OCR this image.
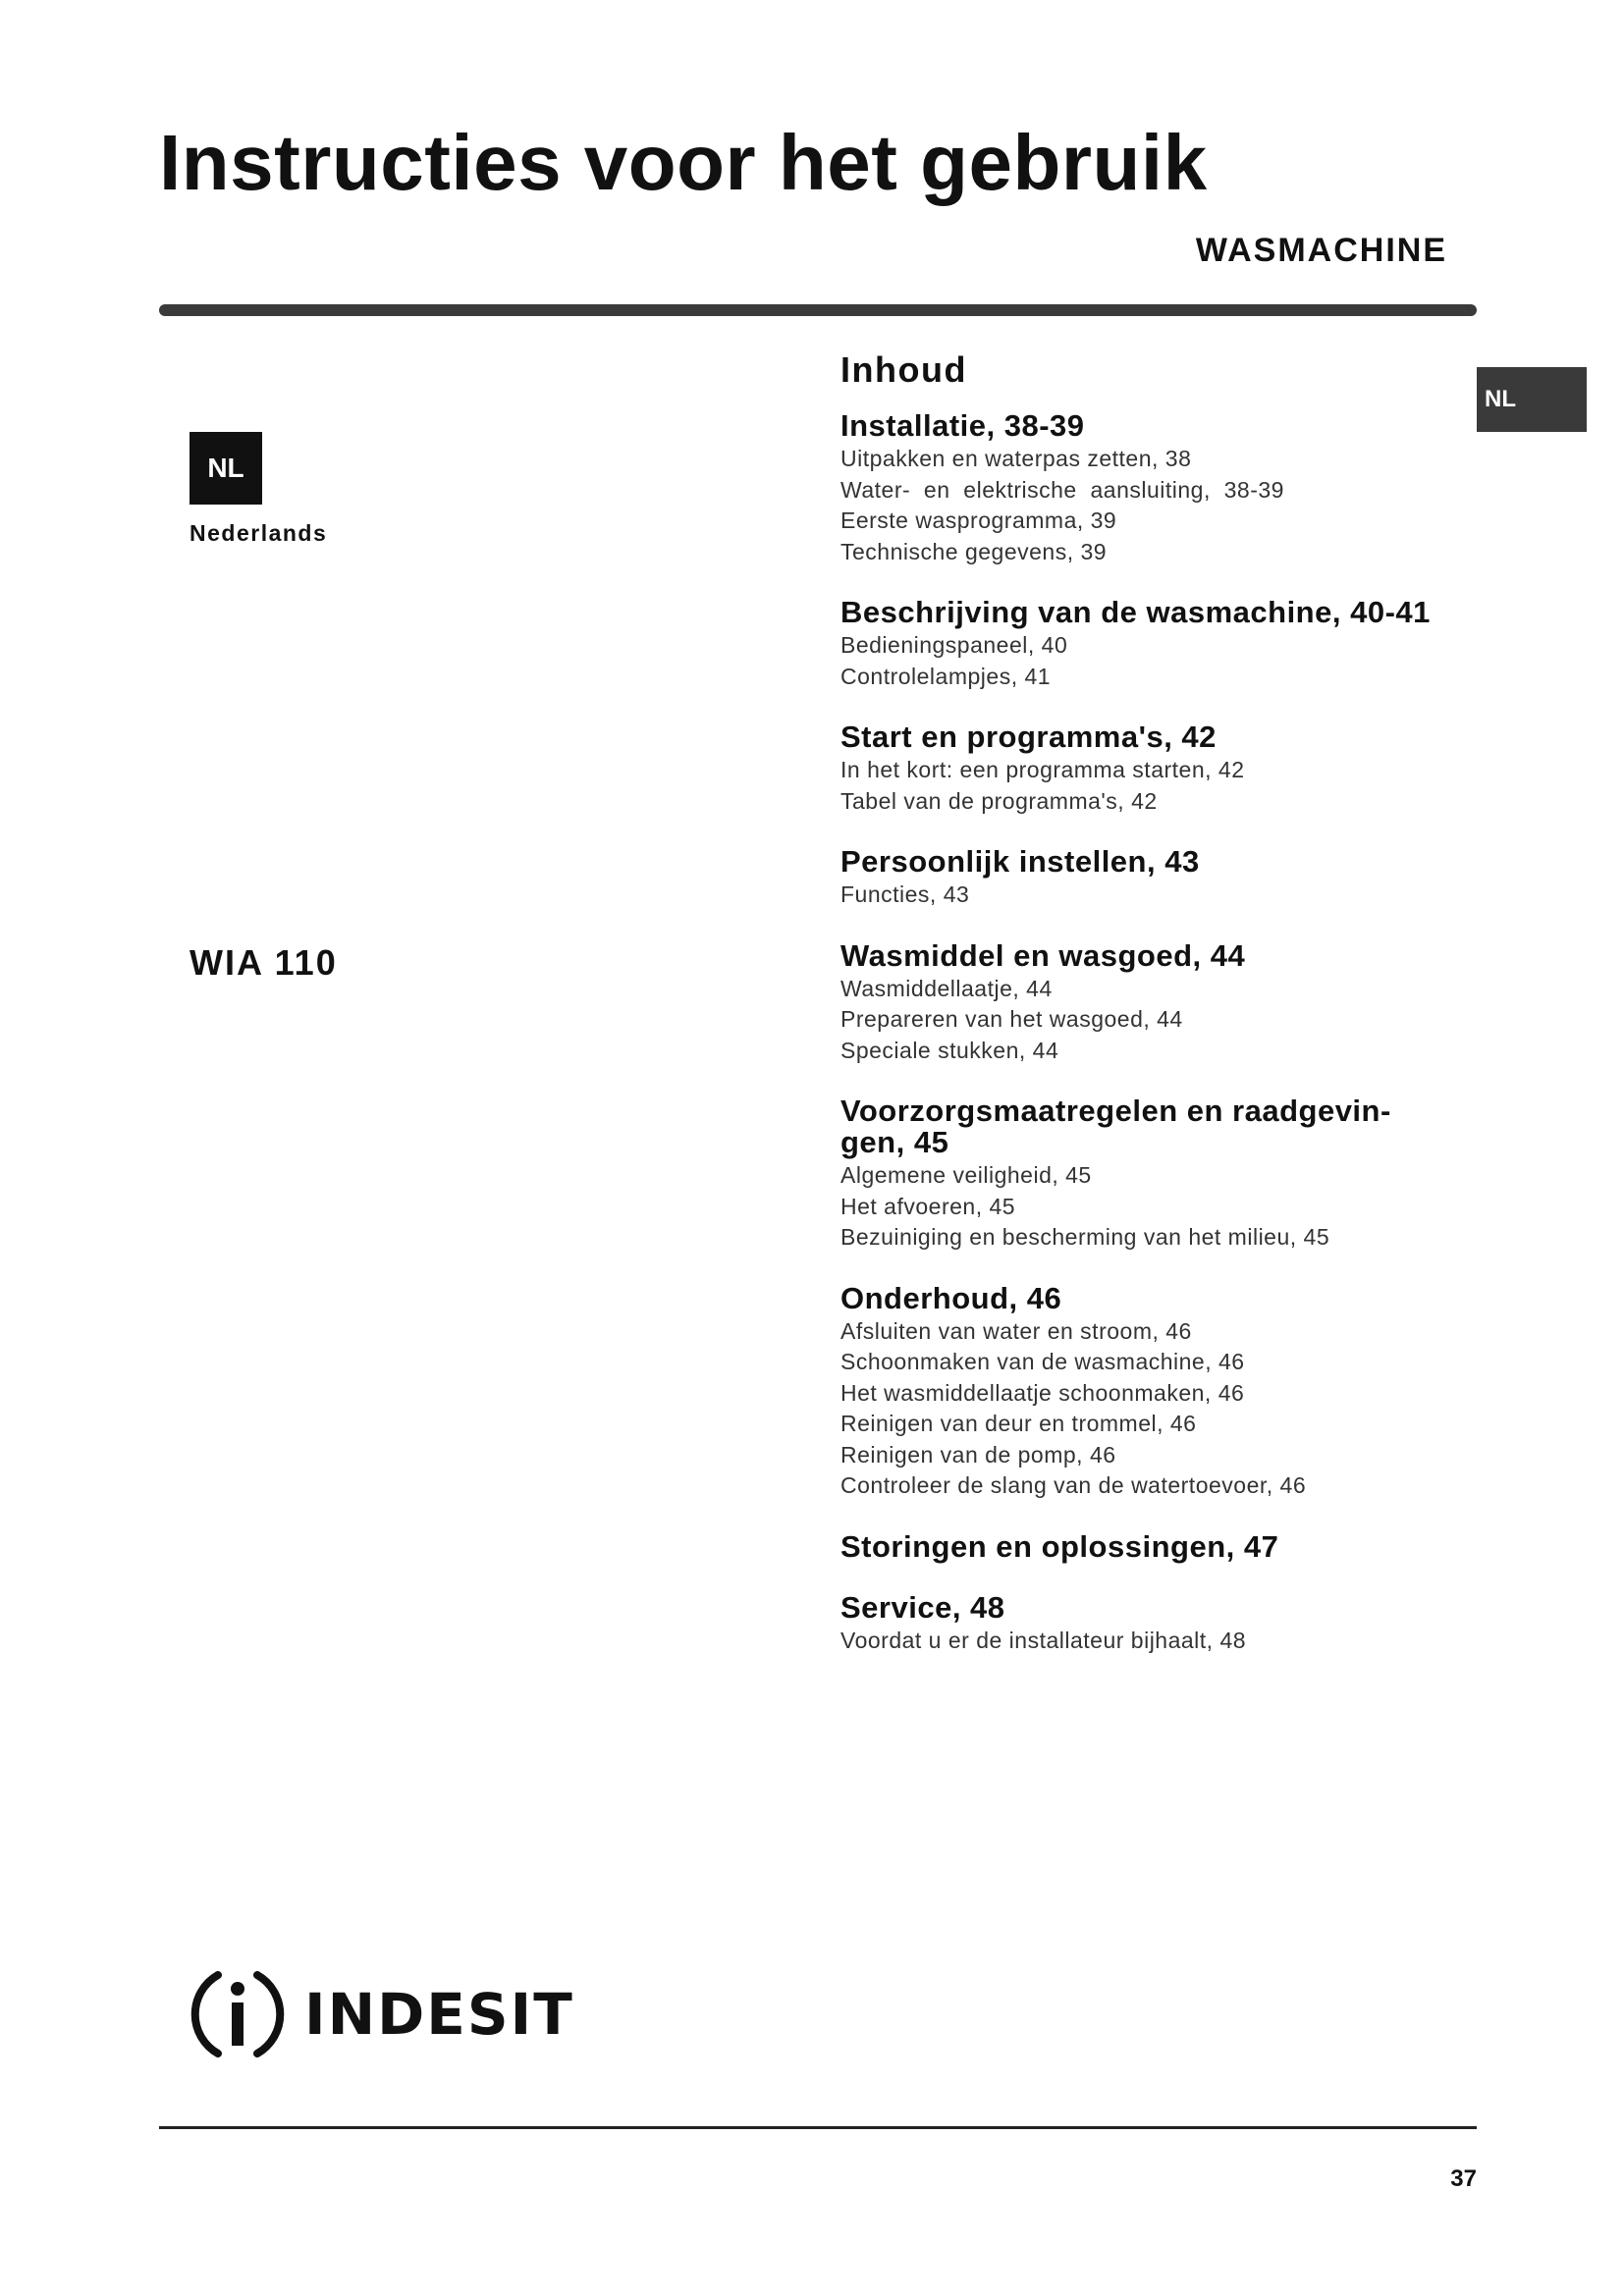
Instructies voor het gebruik
WASMACHINE
NL
NL
Nederlands
WIA 110
Inhoud
Installatie, 38-39
Uitpakken en waterpas zetten, 38
Water-  en  elektrische  aansluiting,  38-39
Eerste wasprogramma, 39
Technische gegevens, 39
Beschrijving van de wasmachine, 40-41
Bedieningspaneel, 40
Controlelampjes, 41
Start en programma's, 42
In het kort: een programma starten, 42
Tabel van de programma's, 42
Persoonlijk instellen, 43
Functies, 43
Wasmiddel en wasgoed, 44
Wasmiddellaatje, 44
Prepareren van het wasgoed, 44
Speciale stukken, 44
Voorzorgsmaatregelen en raadgevin-
gen, 45
Algemene veiligheid, 45
Het afvoeren, 45
Bezuiniging en bescherming van het milieu, 45
Onderhoud, 46
Afsluiten van water en stroom, 46
Schoonmaken van de wasmachine, 46
Het wasmiddellaatje schoonmaken, 46
Reinigen van deur en trommel, 46
Reinigen van de pomp, 46
Controleer de slang van de watertoevoer, 46
Storingen en oplossingen, 47
Service, 48
Voordat u er de installateur bijhaalt, 48
INDESIT
37
